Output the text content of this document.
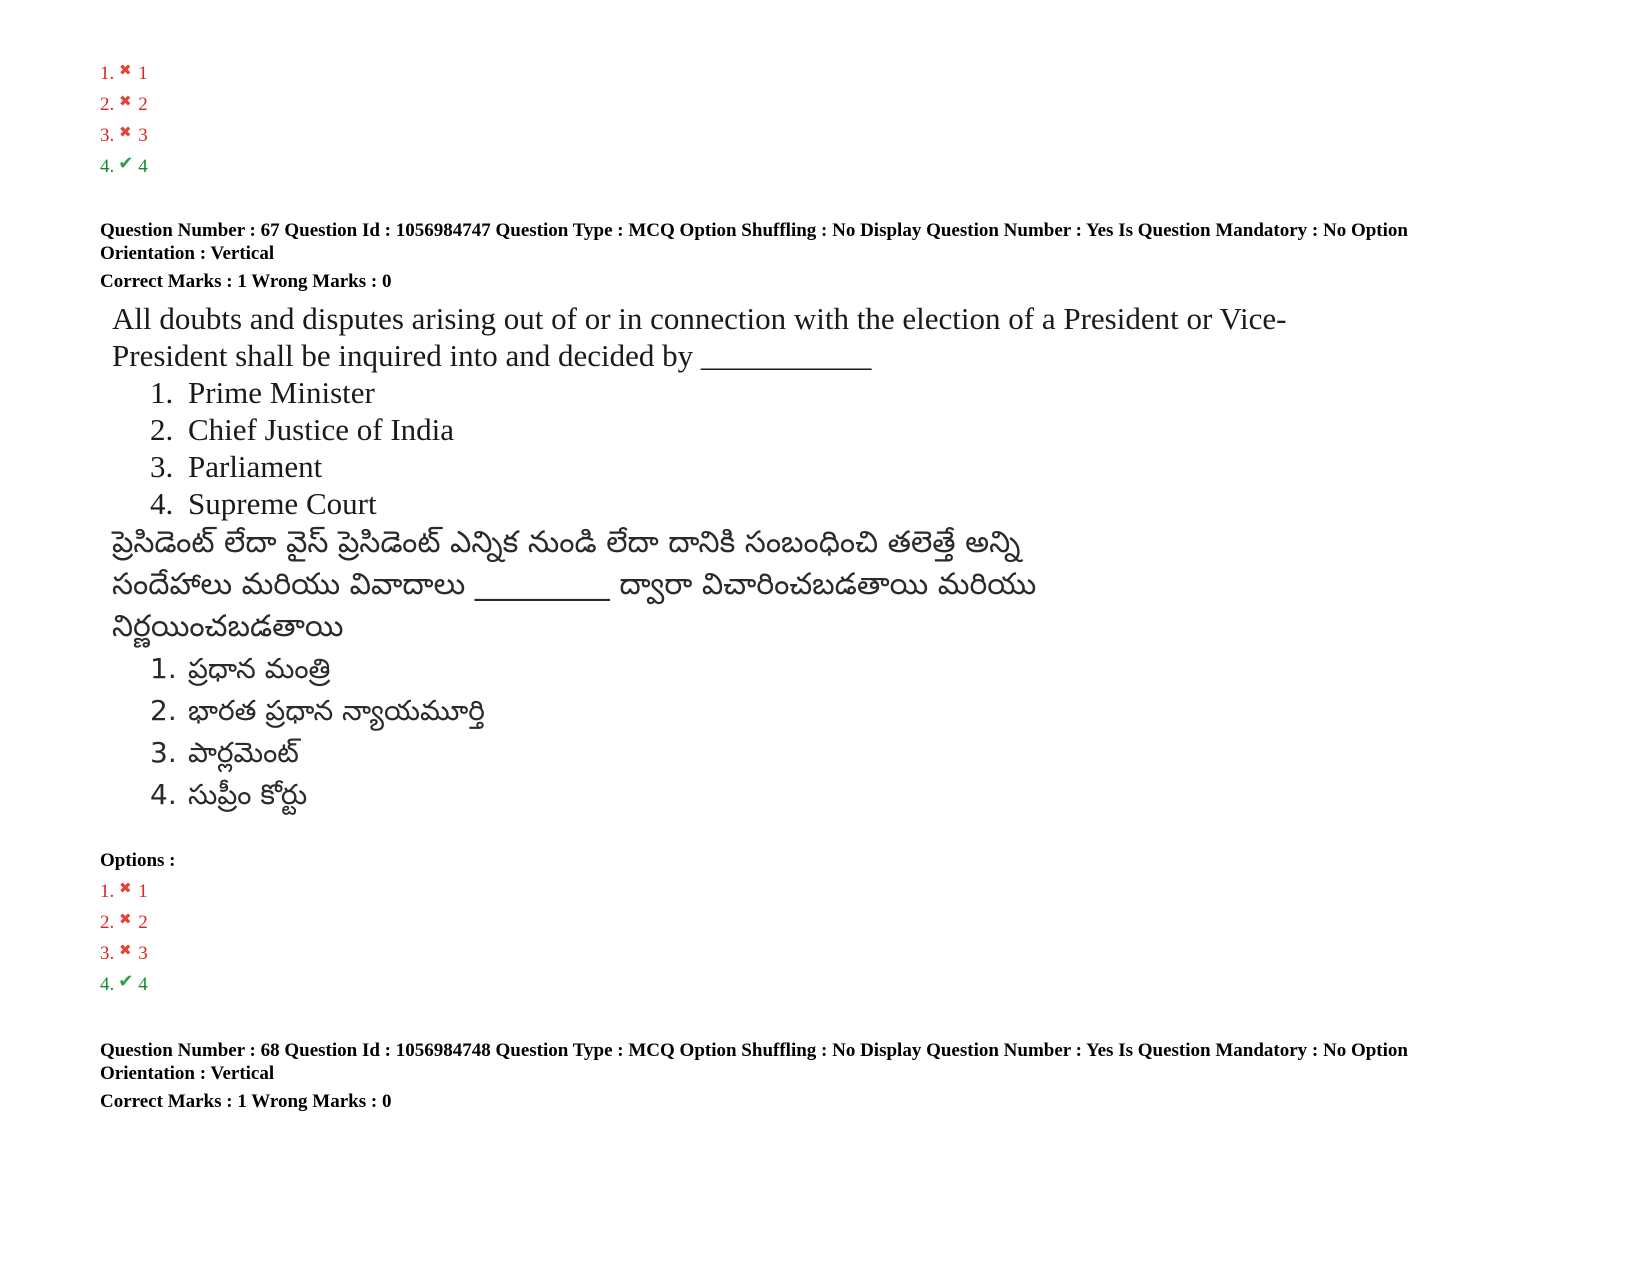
1. ✖ 1
2. ✖ 2
3. ✖ 3
4. ✔ 4
Question Number : 67 Question Id : 1056984747 Question Type : MCQ Option Shuffling : No Display Question Number : Yes Is Question Mandatory : No Option
Orientation : Vertical
Correct Marks : 1 Wrong Marks : 0
All doubts and disputes arising out of or in connection with the election of a President or Vice-
President shall be inquired into and decided by ___________
1. Prime Minister
2. Chief Justice of India
3. Parliament
4. Supreme Court
ప్రెసిడెంట్ లేదా వైస్ ప్రెసిడెంట్ ఎన్నిక నుండి లేదా దానికి సంబంధించి తలెత్తే అన్ని
సందేహాలు మరియు వివాదాలు _________ ద్వారా విచారించబడతాయి మరియు
నిర్ణయించబడతాయి
1. ప్రధాన మంత్రి
2. భారత ప్రధాన న్యాయమూర్తి
3. పార్లమెంట్
4. సుప్రీం కోర్టు
Options :
1. ✖ 1
2. ✖ 2
3. ✖ 3
4. ✔ 4
Question Number : 68 Question Id : 1056984748 Question Type : MCQ Option Shuffling : No Display Question Number : Yes Is Question Mandatory : No Option
Orientation : Vertical
Correct Marks : 1 Wrong Marks : 0
